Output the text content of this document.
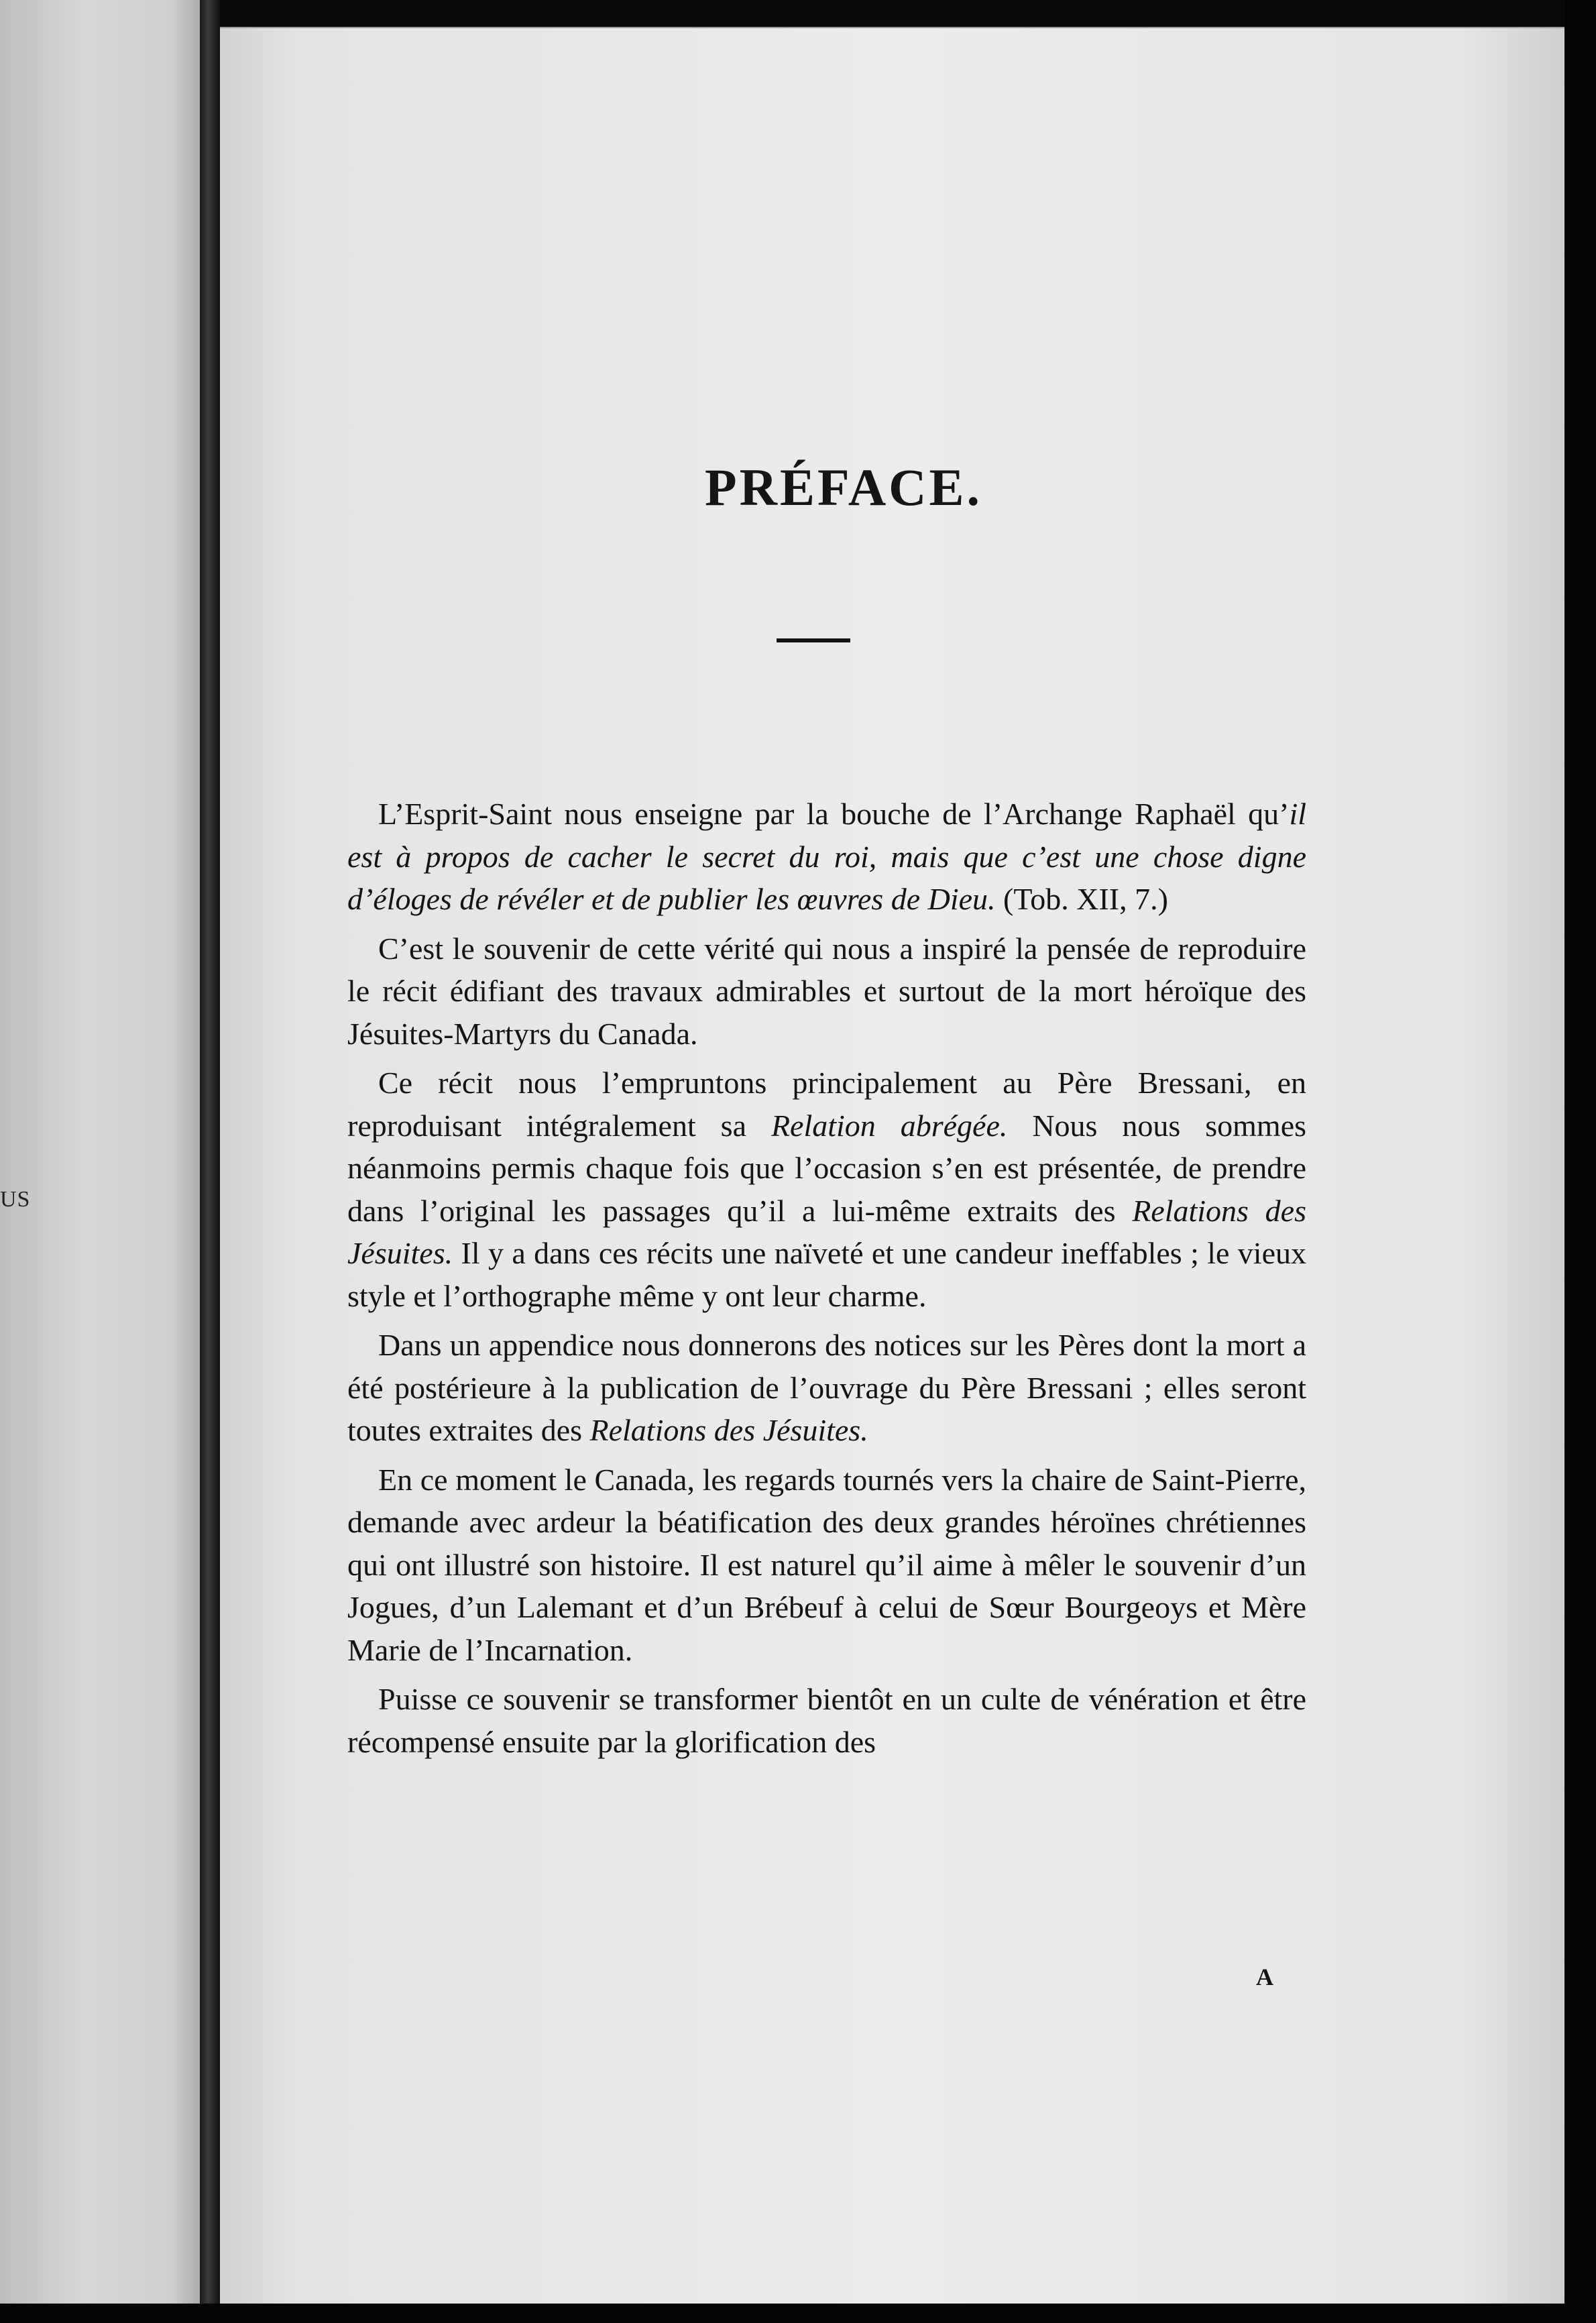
US
PRÉFACE.

L’Esprit-Saint nous enseigne par la bouche de l’Archange Raphaël qu’il est à propos de cacher le secret du roi, mais que c’est une chose digne d’éloges de révéler et de publier les œuvres de Dieu. (Tob. XII, 7.)

C’est le souvenir de cette vérité qui nous a inspiré la pensée de reproduire le récit édifiant des travaux admirables et surtout de la mort héroïque des Jésuites-Martyrs du Canada.

Ce récit nous l’empruntons principalement au Père Bressani, en reproduisant intégralement sa Relation abrégée. Nous nous sommes néanmoins permis chaque fois que l’occasion s’en est présentée, de prendre dans l’original les passages qu’il a lui-même extraits des Relations des Jésuites. Il y a dans ces récits une naïveté et une candeur ineffables ; le vieux style et l’orthographe même y ont leur charme.

Dans un appendice nous donnerons des notices sur les Pères dont la mort a été postérieure à la publication de l’ouvrage du Père Bressani ; elles seront toutes extraites des Relations des Jésuites.

En ce moment le Canada, les regards tournés vers la chaire de Saint-Pierre, demande avec ardeur la béatification des deux grandes héroïnes chrétiennes qui ont illustré son histoire. Il est naturel qu’il aime à mêler le souvenir d’un Jogues, d’un Lalemant et d’un Brébeuf à celui de Sœur Bourgeoys et Mère Marie de l’Incarnation.

Puisse ce souvenir se transformer bientôt en un culte de vénération et être récompensé ensuite par la glorification des

A
